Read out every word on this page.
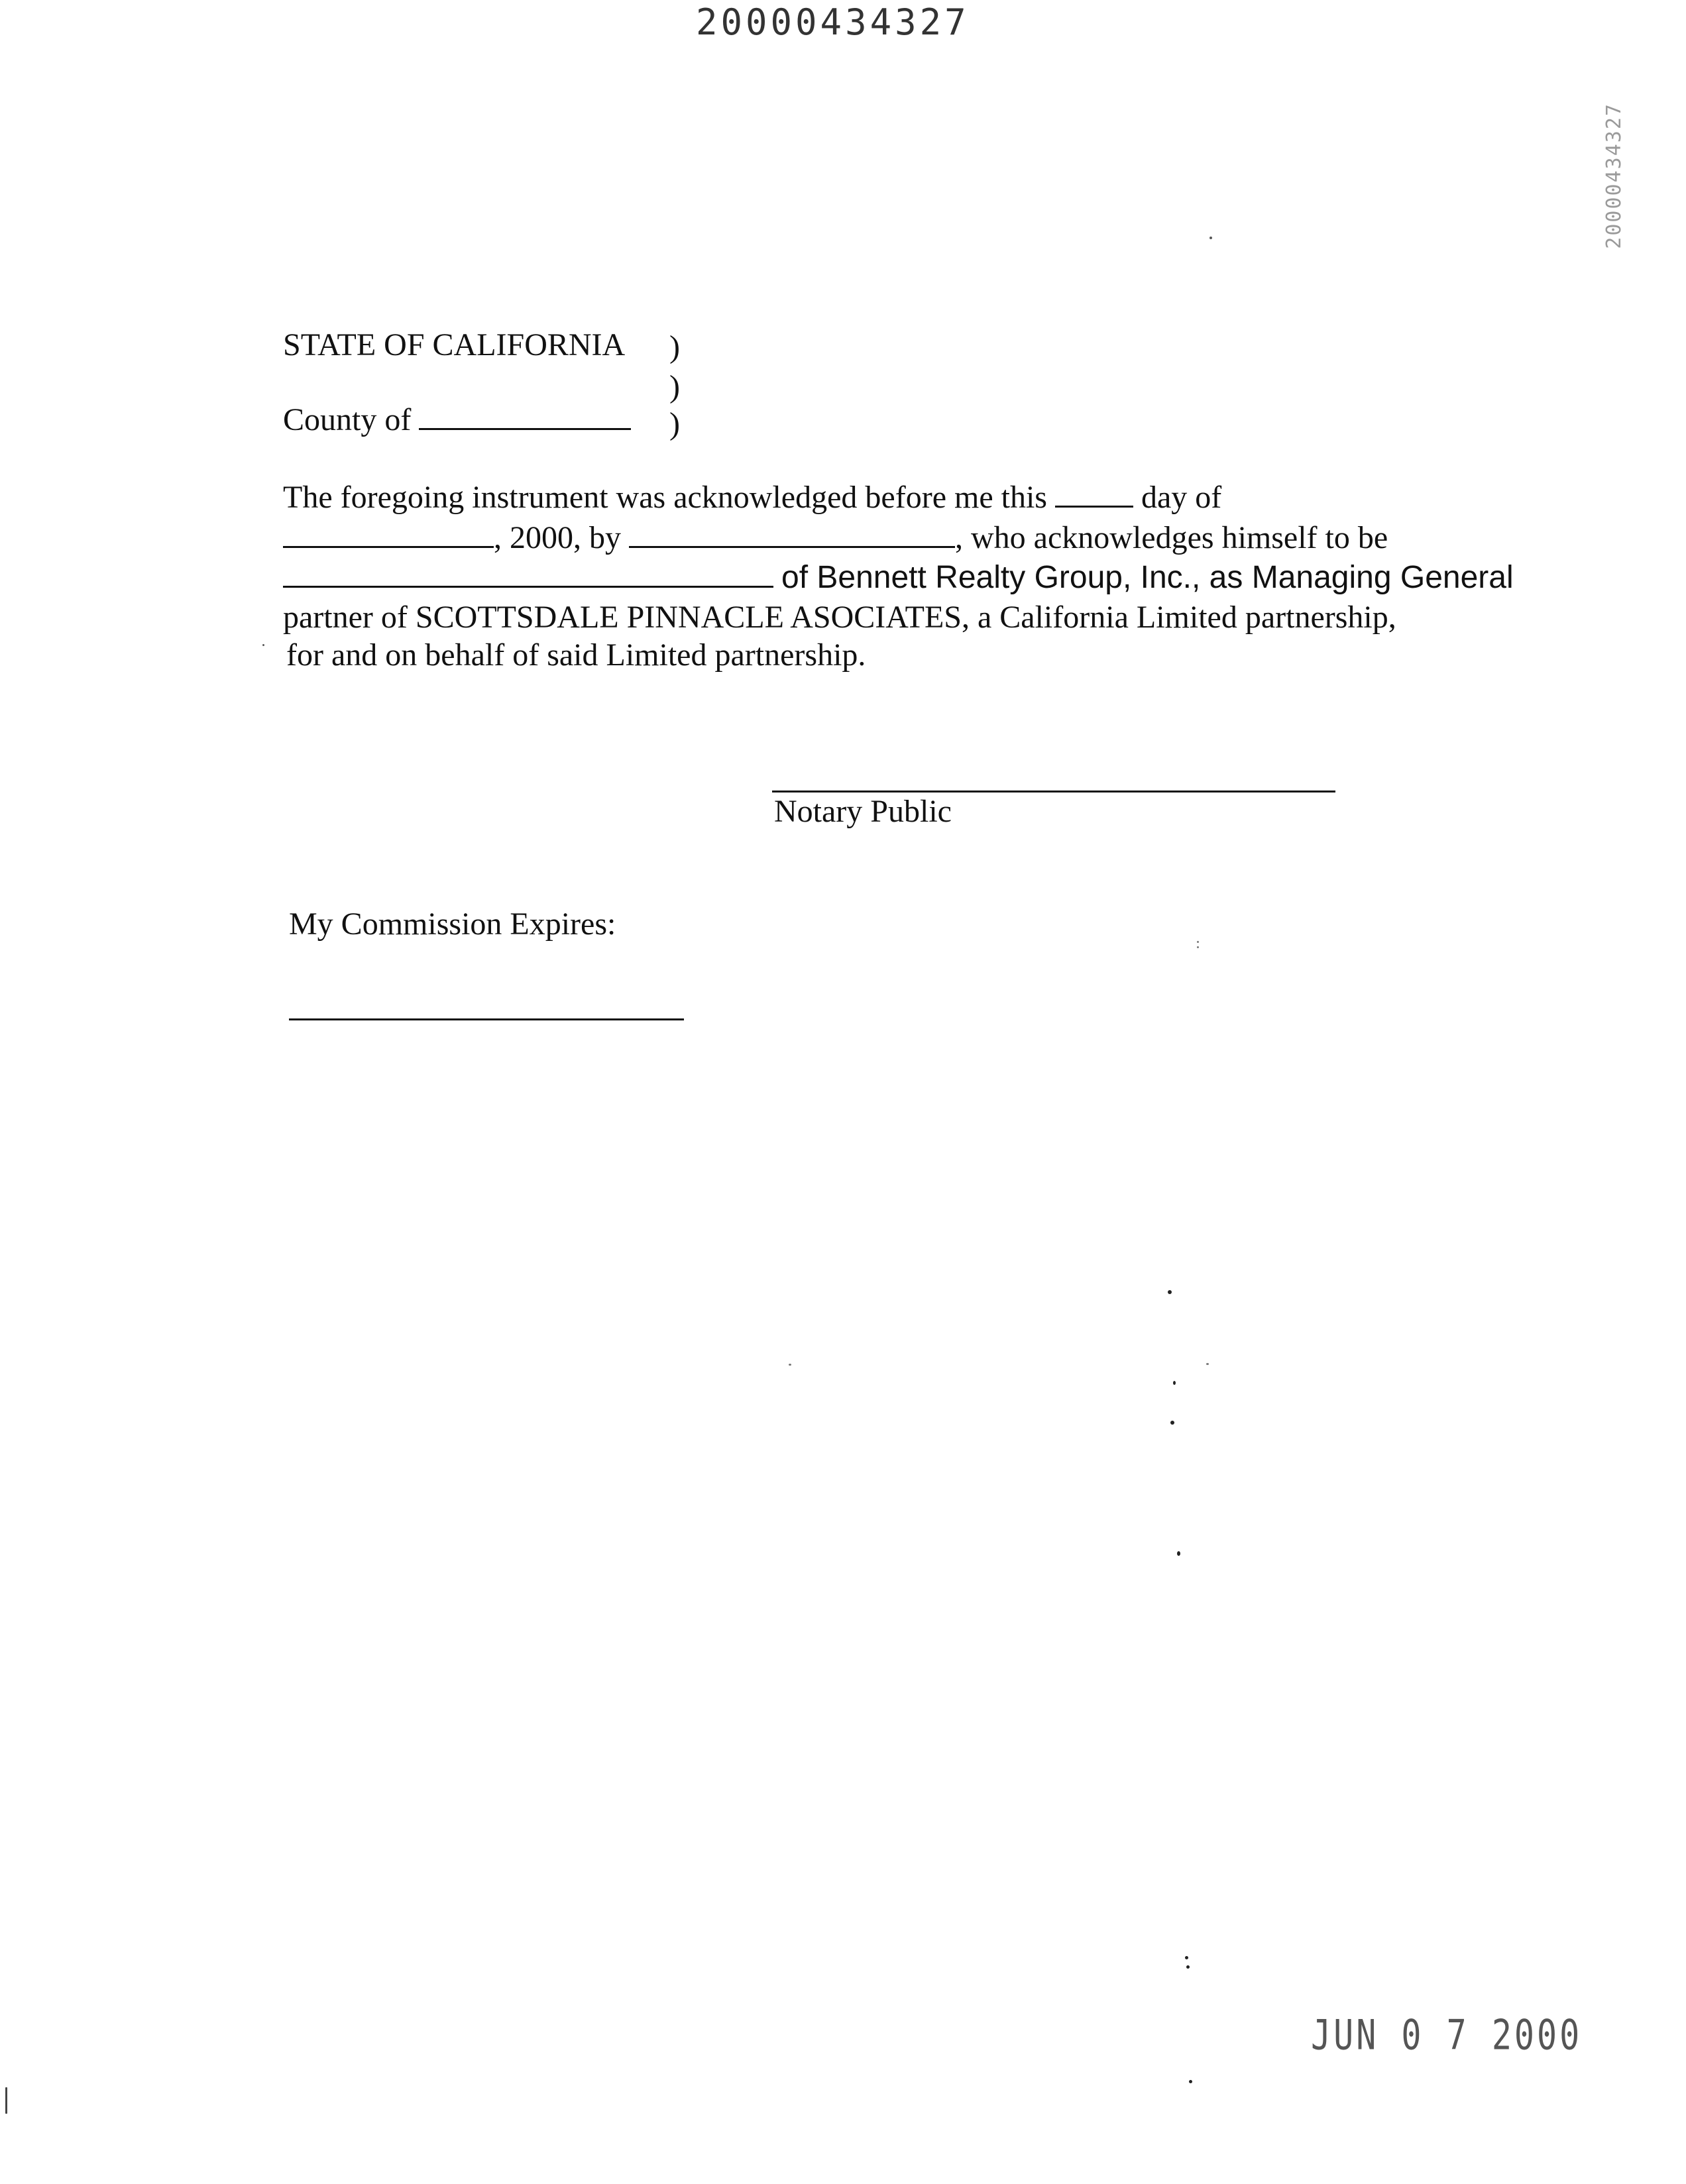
20000434327
20000434327
STATE OF CALIFORNIA )
)
)
County of
The foregoing instrument was acknowledged before me this	day of
, 2000, by	, who acknowledges himself to be
of Bennett Realty Group, Inc., as Managing General
partner of SCOTTSDALE PINNACLE ASOCIATES, a California Limited partnership,
for and on behalf of said Limited partnership.
Notary Public
My Commission Expires:
JUN 0 7 2000
